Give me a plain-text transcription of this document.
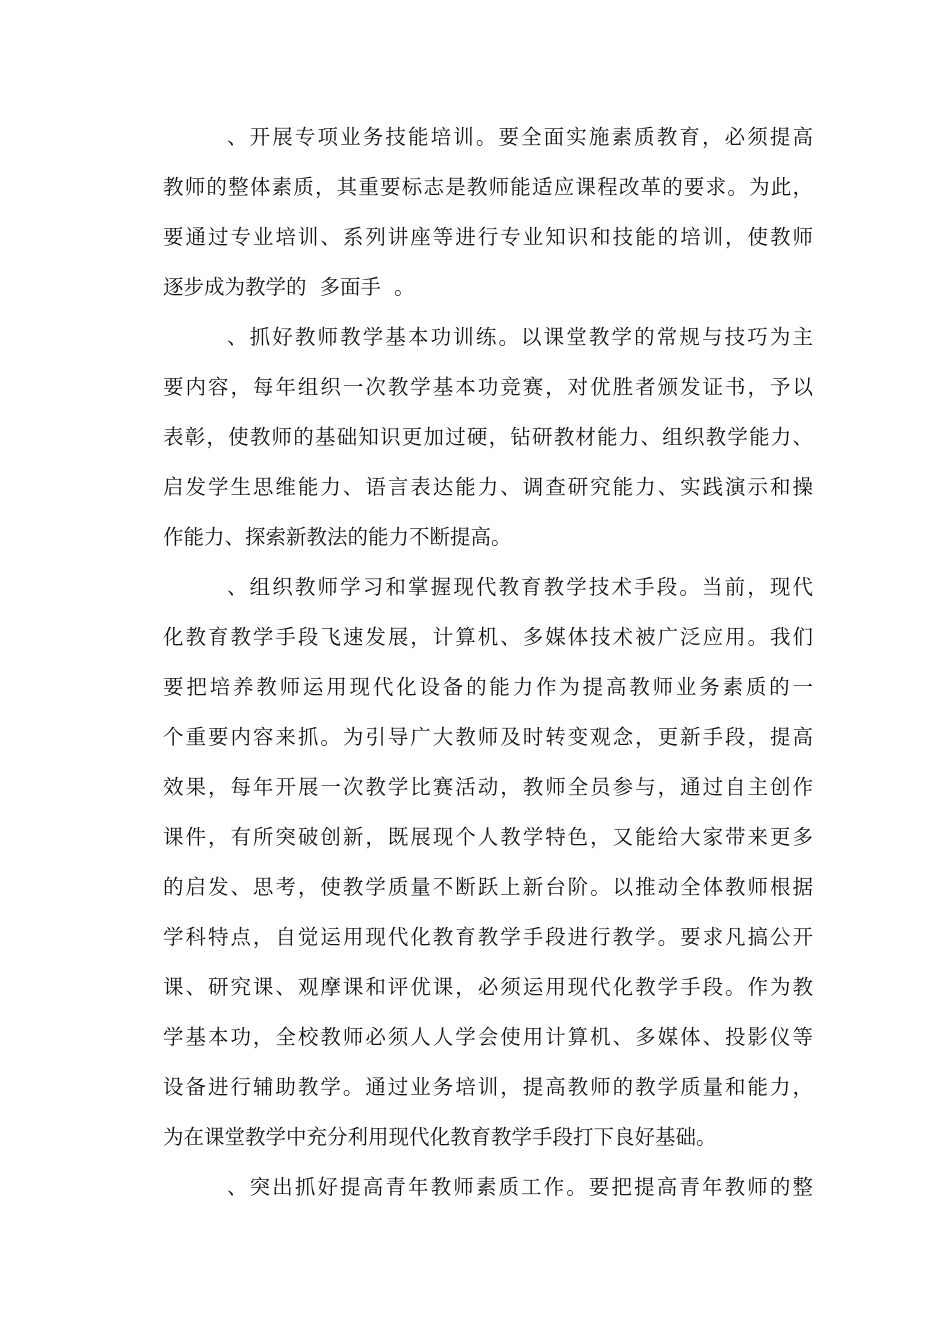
、开展专项业务技能培训。要全面实施素质教育，必须提高
教师的整体素质，其重要标志是教师能适应课程改革的要求。为此，
要通过专业培训、系列讲座等进行专业知识和技能的培训，使教师
逐步成为教学的  多面手  。
、抓好教师教学基本功训练。以课堂教学的常规与技巧为主
要内容，每年组织一次教学基本功竞赛，对优胜者颁发证书，予以
表彰，使教师的基础知识更加过硬，钻研教材能力、组织教学能力、
启发学生思维能力、语言表达能力、调查研究能力、实践演示和操
作能力、探索新教法的能力不断提高。
、组织教师学习和掌握现代教育教学技术手段。当前，现代
化教育教学手段飞速发展，计算机、多媒体技术被广泛应用。我们
要把培养教师运用现代化设备的能力作为提高教师业务素质的一
个重要内容来抓。为引导广大教师及时转变观念，更新手段，提高
效果，每年开展一次教学比赛活动，教师全员参与，通过自主创作
课件，有所突破创新，既展现个人教学特色，又能给大家带来更多
的启发、思考，使教学质量不断跃上新台阶。以推动全体教师根据
学科特点，自觉运用现代化教育教学手段进行教学。要求凡搞公开
课、研究课、观摩课和评优课，必须运用现代化教学手段。作为教
学基本功，全校教师必须人人学会使用计算机、多媒体、投影仪等
设备进行辅助教学。通过业务培训，提高教师的教学质量和能力，
为在课堂教学中充分利用现代化教育教学手段打下良好基础。
、突出抓好提高青年教师素质工作。要把提高青年教师的整
